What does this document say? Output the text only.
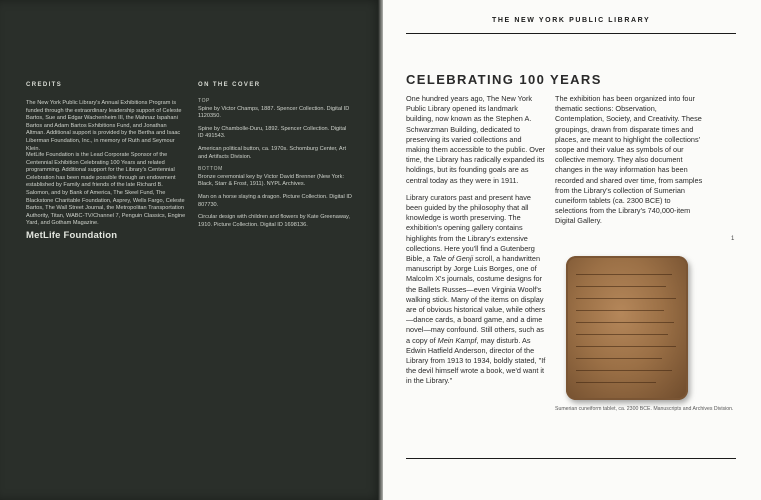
CREDITS
The New York Public Library's Annual Exhibitions Program is funded through the extraordinary leadership support of Celeste Bartos, Sue and Edgar Wachenheim III, the Mahnaz Ispahani Bartos and Adam Bartos Exhibitions Fund, and Jonathan Altman. Additional support is provided by the Bertha and Isaac Liberman Foundation, Inc., in memory of Ruth and Seymour Klein.
MetLife Foundation is the Lead Corporate Sponsor of the Centennial Exhibition Celebrating 100 Years and related programming. Additional support for the Library's Centennial Celebration has been made possible through an endowment established by Family and friends of the late Richard B. Salomon, and by Bank of America, The Skeel Fund, The Blackstone Charitable Foundation, Asprey, Wells Fargo, Celeste Bartos, The Wall Street Journal, the Metropolitan Transportation Authority, Titan, WABC-TV/Channel 7, Penguin Classics, Engine Yard, and Gotham Magazine.
MetLife Foundation
ON THE COVER
TOP
Spine by Victor Champs, 1887. Spencer Collection. Digital ID 1120350.
Spine by Chambolle-Duru, 1892. Spencer Collection. Digital ID 491543.
American political button, ca. 1970s. Schomburg Center, Art and Artifacts Division.
BOTTOM
Bronze ceremonial key by Victor David Brenner (New York: Black, Starr & Frost, 1911). NYPL Archives.
Man on a horse slaying a dragon. Picture Collection. Digital ID 807730.
Circular design with children and flowers by Kate Greenaway, 1910. Picture Collection. Digital ID 1698136.
THE NEW YORK PUBLIC LIBRARY
CELEBRATING 100 YEARS

One hundred years ago, The New York Public Library opened its landmark building, now known as the Stephen A. Schwarzman Building, dedicated to preserving its varied collections and making them accessible to the public. Over time, the Library has radically expanded its holdings, but its founding goals are as central today as they were in 1911.

Library curators past and present have been guided by the philosophy that all knowledge is worth preserving. The exhibition's opening gallery contains highlights from the Library's extensive collections. Here you'll find a Gutenberg Bible, a Tale of Genji scroll, a handwritten manuscript by Jorge Luis Borges, one of Malcolm X's journals, costume designs for the Ballets Russes—even Virginia Woolf's walking stick. Many of the items on display are of obvious historical value, while others—dance cards, a board game, and a dime novel—may confound. Still others, such as a copy of Mein Kampf, may disturb. As Edwin Hatfield Anderson, director of the Library from 1913 to 1934, boldly stated, "If the devil himself wrote a book, we'd want it in the Library."

The exhibition has been organized into four thematic sections: Observation, Contemplation, Society, and Creativity. These groupings, drawn from disparate times and places, are meant to highlight the collections' scope and their value as symbols of our collective memory. They also document changes in the way information has been recorded and shared over time, from samples from the Library's collection of Sumerian cuneiform tablets (ca. 2300 BCE) to selections from the Library's 740,000-item Digital Gallery.

1
Sumerian cuneiform tablet, ca. 2300 BCE. Manuscripts and Archives Division.
